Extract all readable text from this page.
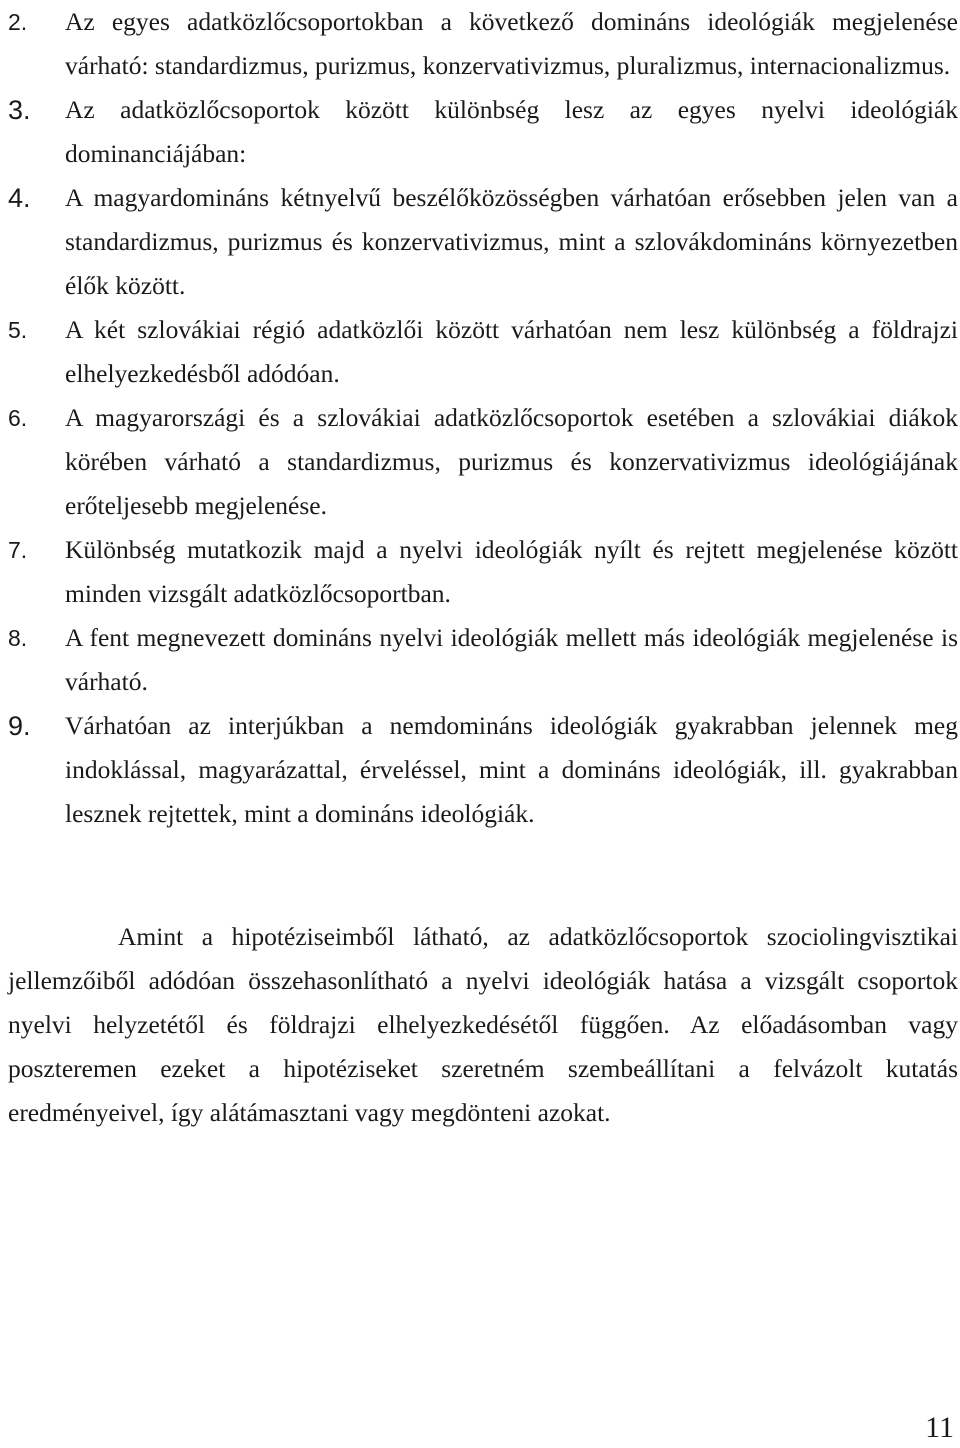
2.	Az egyes adatközlőcsoportokban a következő domináns ideológiák megjelenése várható: standardizmus, purizmus, konzervativizmus, pluralizmus, internacionalizmus.
3.	Az adatközlőcsoportok között különbség lesz az egyes nyelvi ideológiák dominanciájában:
4.	A magyardomináns kétnyelvű beszélőközösségben várhatóan erősebben jelen van a standardizmus, purizmus és konzervativizmus, mint a szlovákdomináns környezetben élők között.
5.	A két szlovákiai régió adatközlői között várhatóan nem lesz különbség a földrajzi elhelyezkedésből adódóan.
6.	A magyarországi és a szlovákiai adatközlőcsoportok esetében a szlovákiai diákok körében várható a standardizmus, purizmus és konzervativizmus ideológiájának erőteljesebb megjelenése.
7.	Különbség mutatkozik majd a nyelvi ideológiák nyílt és rejtett megjelenése között minden vizsgált adatközlőcsoportban.
8.	A fent megnevezett domináns nyelvi ideológiák mellett más ideológiák megjelenése is várható.
9.	Várhatóan az interjúkban a nemdomináns ideológiák gyakrabban jelennek meg indoklással, magyarázattal, érveléssel, mint a domináns ideológiák, ill. gyakrabban lesznek rejtettek, mint a domináns ideológiák.

Amint a hipotéziseimből látható, az adatközlőcsoportok szociolingvisztikai jellemzőiből adódóan összehasonlítható a nyelvi ideológiák hatása a vizsgált csoportok nyelvi helyzetétől és földrajzi elhelyezkedésétől függően. Az előadásomban vagy poszteremen ezeket a hipotéziseket szeretném szembeállítani a felvázolt kutatás eredményeivel, így alátámasztani vagy megdönteni azokat.

11
